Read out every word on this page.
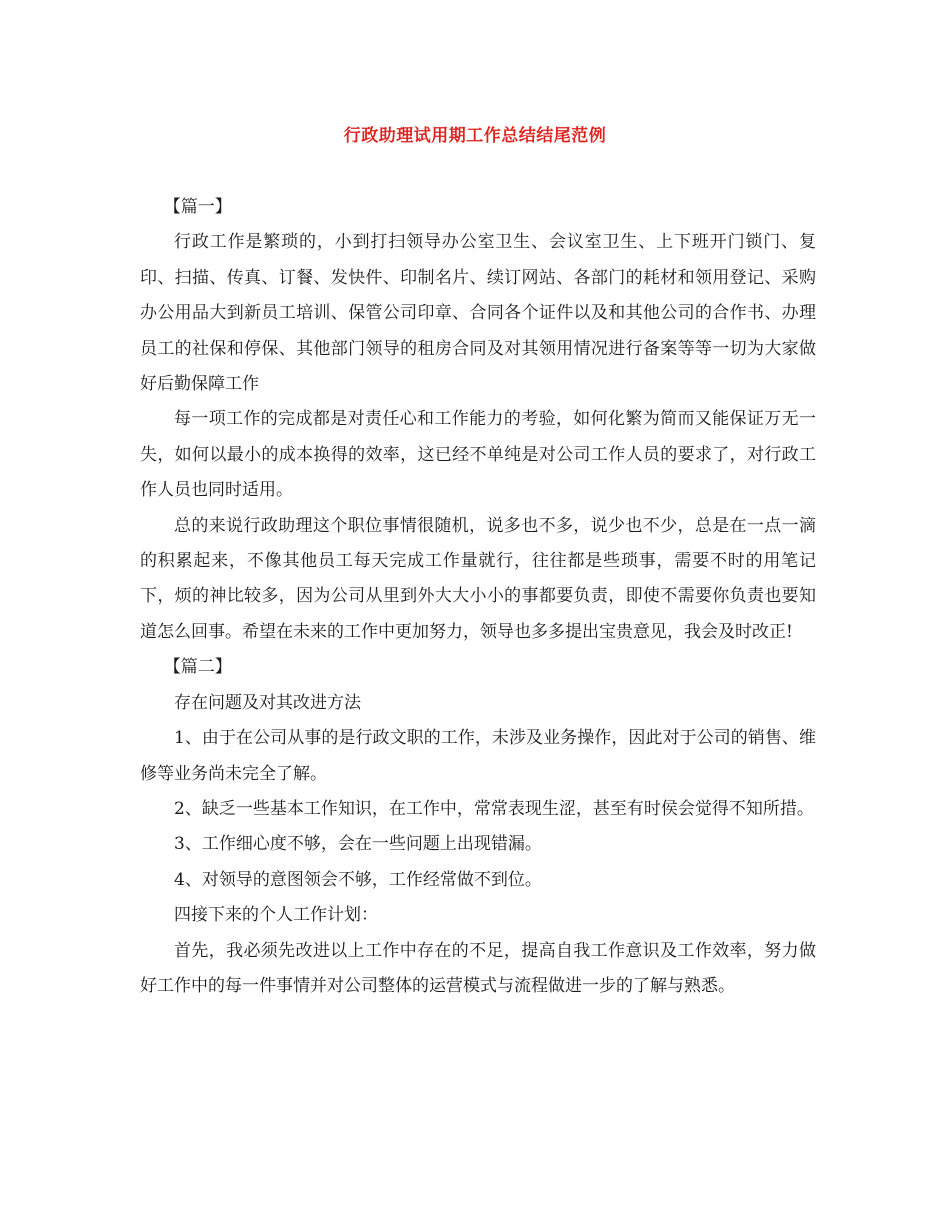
行政助理试用期工作总结结尾范例

【篇一】

行政工作是繁琐的，小到打扫领导办公室卫生、会议室卫生、上下班开门锁门、复印、扫描、传真、订餐、发快件、印制名片、续订网站、各部门的耗材和领用登记、采购办公用品大到新员工培训、保管公司印章、合同各个证件以及和其他公司的合作书、办理员工的社保和停保、其他部门领导的租房合同及对其领用情况进行备案等等一切为大家做好后勤保障工作

每一项工作的完成都是对责任心和工作能力的考验，如何化繁为简而又能保证万无一失，如何以最小的成本换得的效率，这已经不单纯是对公司工作人员的要求了，对行政工作人员也同时适用。

总的来说行政助理这个职位事情很随机，说多也不多，说少也不少，总是在一点一滴的积累起来，不像其他员工每天完成工作量就行，往往都是些琐事，需要不时的用笔记下，烦的神比较多，因为公司从里到外大大小小的事都要负责，即使不需要你负责也要知道怎么回事。希望在未来的工作中更加努力，领导也多多提出宝贵意见，我会及时改正!

【篇二】

存在问题及对其改进方法

1、由于在公司从事的是行政文职的工作，未涉及业务操作，因此对于公司的销售、维修等业务尚未完全了解。

2、缺乏一些基本工作知识，在工作中，常常表现生涩，甚至有时侯会觉得不知所措。

3、工作细心度不够，会在一些问题上出现错漏。

4、对领导的意图领会不够，工作经常做不到位。

四接下来的个人工作计划：

首先，我必须先改进以上工作中存在的不足，提高自我工作意识及工作效率，努力做好工作中的每一件事情并对公司整体的运营模式与流程做进一步的了解与熟悉。
